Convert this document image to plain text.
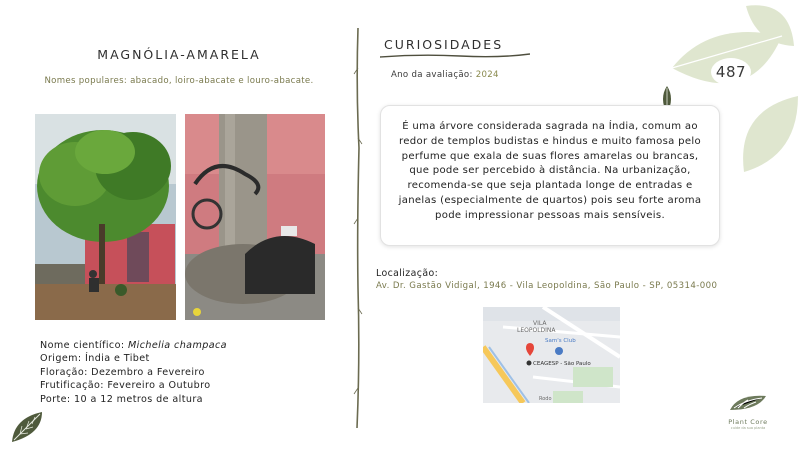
MAGNÓLIA-AMARELA
Nomes populares: abacado, loiro-abacate e louro-abacate.
Nome científico: Michelia champaca
Origem: Índia e Tibet
Floração: Dezembro a Fevereiro
Frutificação: Fevereiro a Outubro
Porte: 10 a 12 metros de altura
CURIOSIDADES
Ano da avaliação: 2024	487
É uma árvore considerada sagrada na Índia, comum ao redor de templos budistas e hindus e muito famosa pelo perfume que exala de suas flores amarelas ou brancas, que pode ser percebido à distância. Na urbanização, recomenda-se que seja plantada longe de entradas e janelas (especialmente de quartos) pois seu forte aroma pode impressionar pessoas mais sensíveis.
Localização:
Av. Dr. Gastão Vidigal, 1946 - Vila Leopoldina, São Paulo - SP, 05314-000
VILA
LEOPOLDINA
Sam's Club
CEAGESP - São Paulo
Rodo
Plant Core
cuide da sua planta
